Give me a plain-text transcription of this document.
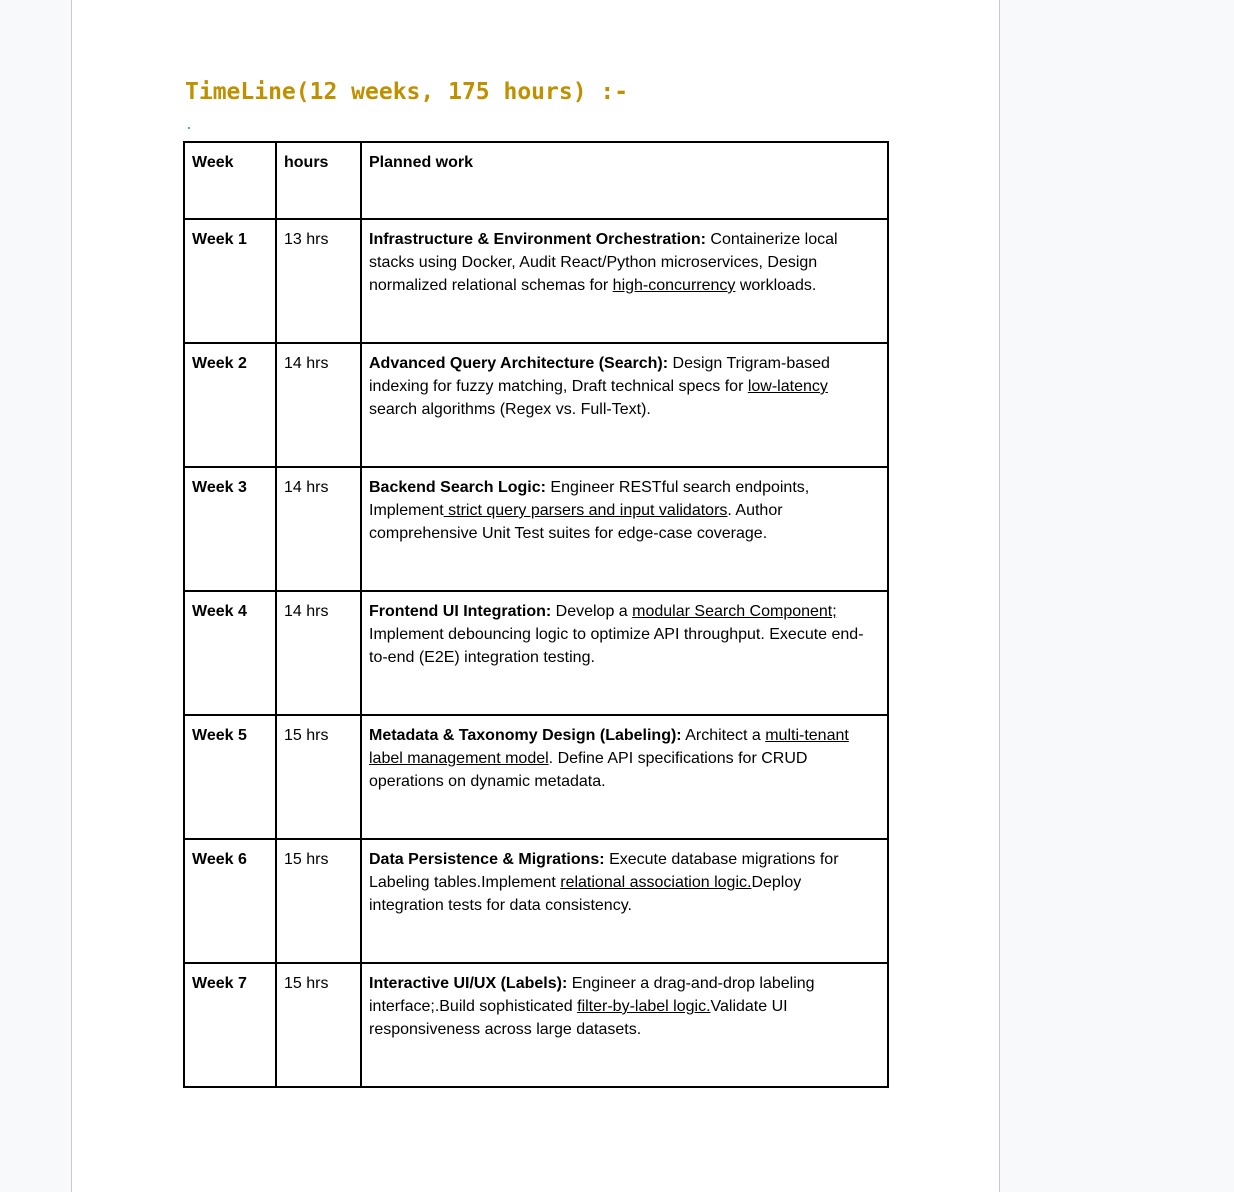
TimeLine(12 weeks, 175 hours) :-
Week	hours	Planned work
Week 1	13 hrs	Infrastructure & Environment Orchestration: Containerize local stacks using Docker, Audit React/Python microservices, Design normalized relational schemas for high-concurrency workloads.
Week 2	14 hrs	Advanced Query Architecture (Search): Design Trigram-based indexing for fuzzy matching, Draft technical specs for low-latency search algorithms (Regex vs. Full-Text).
Week 3	14 hrs	Backend Search Logic: Engineer RESTful search endpoints, Implement strict query parsers and input validators. Author comprehensive Unit Test suites for edge-case coverage.
Week 4	14 hrs	Frontend UI Integration: Develop a modular Search Component; Implement debouncing logic to optimize API throughput. Execute end-to-end (E2E) integration testing.
Week 5	15 hrs	Metadata & Taxonomy Design (Labeling): Architect a multi-tenant label management model. Define API specifications for CRUD operations on dynamic metadata.
Week 6	15 hrs	Data Persistence & Migrations: Execute database migrations for Labeling tables.Implement relational association logic.Deploy integration tests for data consistency.
Week 7	15 hrs	Interactive UI/UX (Labels): Engineer a drag-and-drop labeling interface;.Build sophisticated filter-by-label logic.Validate UI responsiveness across large datasets.
